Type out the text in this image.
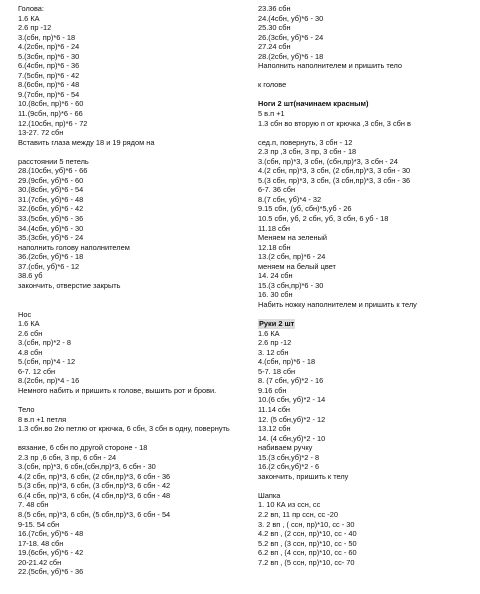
Голова:
1.6 КА
2.6 пр -12
3.(сбн, пр)*6 - 18
4.(2сбн, пр)*6 - 24
5.(3сбн, пр)*6 - 30
6.(4сбн, пр)*6 - 36
7.(5сбн, пр)*6 - 42
8.(6сбн, пр)*6 - 48
9.(7сбн, пр)*6 - 54
10.(8сбн, пр)*6 - 60
11.(9сбн, пр)*6 - 66
12.(10сбн, пр)*6 - 72
13-27. 72 сбн
Вставить глаза между 18 и 19 рядом на
расстоянии 5 петель
28.(10сбн, уб)*6 - 66
29.(9сбн, уб)*6 - 60
30.(8сбн, уб)*6 - 54
31.(7сбн, уб)*6 - 48
32.(6сбн, уб)*6 - 42
33.(5сбн, уб)*6 - 36
34.(4сбн, уб)*6 - 30
35.(3сбн, уб)*6 - 24
наполнить голову наполнителем
36.(2сбн, уб)*6 - 18
37.(сбн, уб)*6 - 12
38.6 уб
закончить, отверстие закрыть
Нос
1.6 КА
2.6 сбн
3.(сбн, пр)*2 - 8
4.8 сбн
5.(сбн, пр)*4 - 12
6-7. 12 сбн
8.(2сбн, пр)*4 - 16
Немного набить и пришить к голове, вышить рот и брови.
Тело
8 в.п +1 петля
1.3 сбн.во 2ю петлю от крючка, 6 сбн, 3 сбн в одну, повернуть
вязание, 6 сбн по другой стороне - 18
2.3 пр ,6 сбн, 3 пр, 6 сбн - 24
3.(сбн, пр)*3, 6 сбн,(сбн,пр)*3, 6 сбн - 30
4.(2 сбн, пр)*3, 6 сбн, (2 сбн,пр)*3, 6 сбн - 36
5.(3 сбн, пр)*3, 6 сбн, (3 сбн,пр)*3, 6 сбн - 42
6.(4 сбн, пр)*3, 6 сбн, (4 сбн,пр)*3, 6 сбн - 48
7. 48 сбн
8.(5 сбн, пр)*3, 6 сбн, (5 сбн,пр)*3, 6 сбн - 54
9-15. 54 сбн
16.(7сбн, уб)*6 - 48
17-18. 48 сбн
19.(6сбн, уб)*6 - 42
20-21.42 сбн
22.(5сбн, уб)*6 - 36
23.36 сбн
24.(4сбн, уб)*6 - 30
25.30 сбн
26.(3сбн, уб)*6 - 24
27.24 сбн
28.(2сбн, уб)*6 - 18
Наполнить наполнителем и пришить тело
к голове
Ноги 2 шт(начинаем красным)
5 в.п +1
1.3 сбн во вторую п от крючка ,3 сбн, 3 сбн в
сед.п, повернуть, 3 сбн - 12
2.3 пр ,3 сбн, 3 пр, 3 сбн - 18
3.(сбн, пр)*3, 3 сбн, (сбн,пр)*3, 3 сбн - 24
4.(2 сбн, пр)*3, 3 сбн, (2 сбн,пр)*3, 3 сбн - 30
5.(3 сбн, пр)*3, 3 сбн, (3 сбн,пр)*3, 3 сбн - 36
6-7. 36 сбн
8.(7 сбн, уб)*4 - 32
9.15 сбн, (уб, сбн)*5,уб - 26
10.5 сбн, уб, 2 сбн, уб, 3 сбн, 6 уб - 18
11.18 сбн
Меняем на зеленый
12.18 сбн
13.(2 сбн, пр)*6 - 24
меняем на белый цвет
14. 24 сбн
15.(3 сбн,пр)*6 - 30
16. 30 сбн
Набить ножку наполнителем и пришить к телу
Руки 2 шт
1.6 КА
2.6 пр -12
3. 12 сбн
4.(сбн, пр)*6 - 18
5-7. 18 сбн
8. (7 сбн, уб)*2 - 16
9.16 сбн
10.(6 сбн, уб)*2 - 14
11.14 сбн
12. (5 сбн,уб)*2 - 12
13.12 сбн
14. (4 сбн,уб)*2 - 10
набиваем ручку
15.(3 сбн,уб)*2 - 8
16.(2 сбн,уб)*2 - 6
закончить, пришить к телу
Шапка
1. 10 КА из ссн, сс
2.2 вп, 11 пр ссн, сс -20
3. 2 вп , ( ссн, пр)*10, сс - 30
4.2 вп , (2 ссн, пр)*10, сс - 40
5.2 вп , (3 ссн, пр)*10, сс - 50
6.2 вп , (4 ссн, пр)*10, сс - 60
7.2 вп , (5 ссн, пр)*10, сс- 70
